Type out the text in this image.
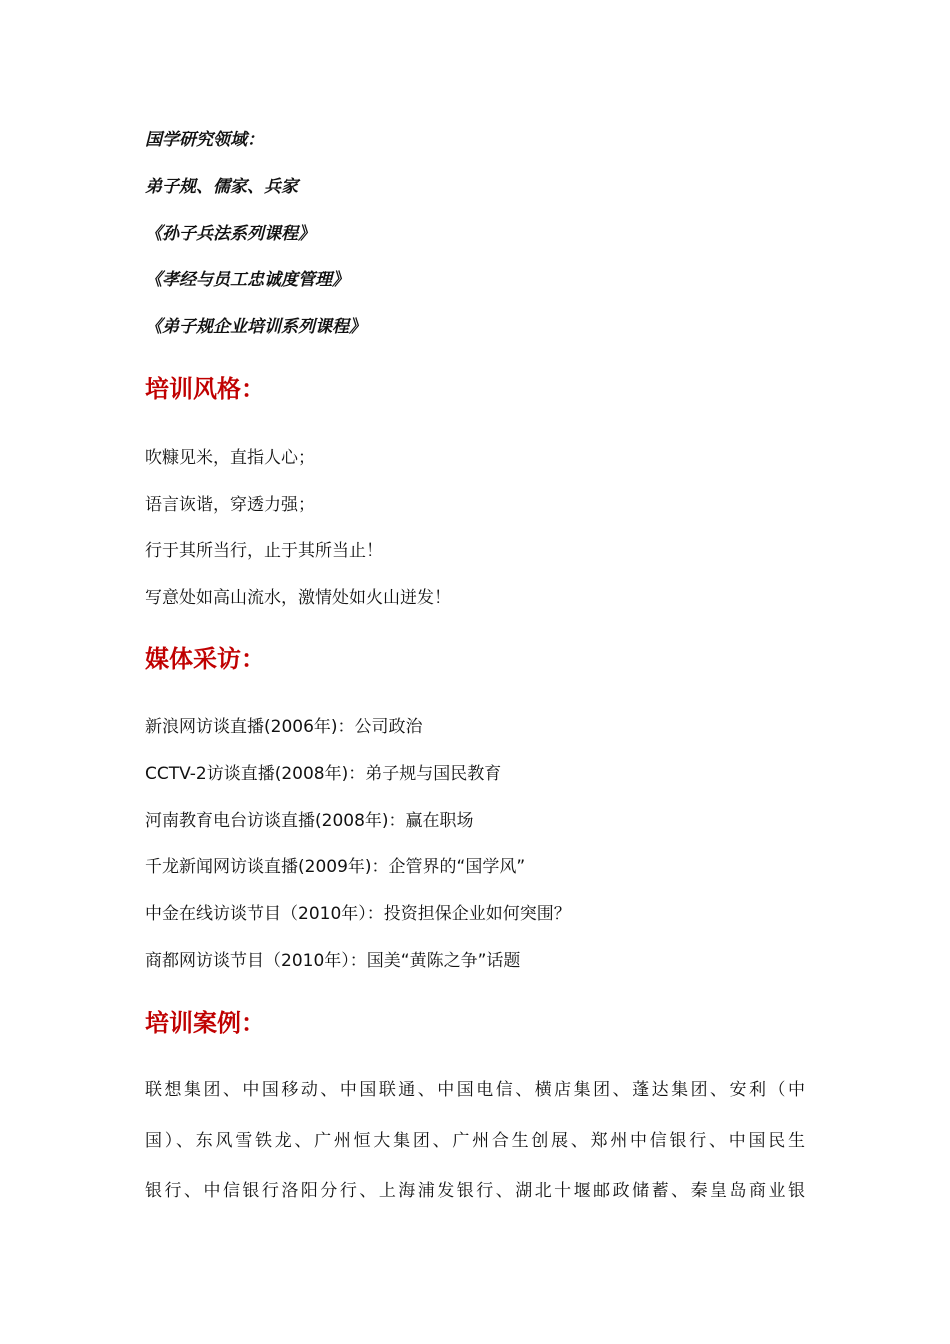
国学研究领域：

弟子规、儒家、兵家

《孙子兵法系列课程》

《孝经与员工忠诚度管理》

《弟子规企业培训系列课程》

培训风格：

吹糠见米，直指人心；

语言诙谐，穿透力强；

行于其所当行，止于其所当止！

写意处如高山流水，激情处如火山迸发！

媒体采访：

新浪网访谈直播(2006年)：公司政治

CCTV-2访谈直播(2008年)：弟子规与国民教育

河南教育电台访谈直播(2008年)：赢在职场

千龙新闻网访谈直播(2009年)：企管界的“国学风”

中金在线访谈节目（2010年）：投资担保企业如何突围？

商都网访谈节目（2010年）：国美“黄陈之争”话题

培训案例：

联想集团、中国移动、中国联通、中国电信、横店集团、蓬达集团、安利（中

国）、东风雪铁龙、广州恒大集团、广州合生创展、郑州中信银行、中国民生

银行、中信银行洛阳分行、上海浦发银行、湖北十堰邮政储蓄、秦皇岛商业银
